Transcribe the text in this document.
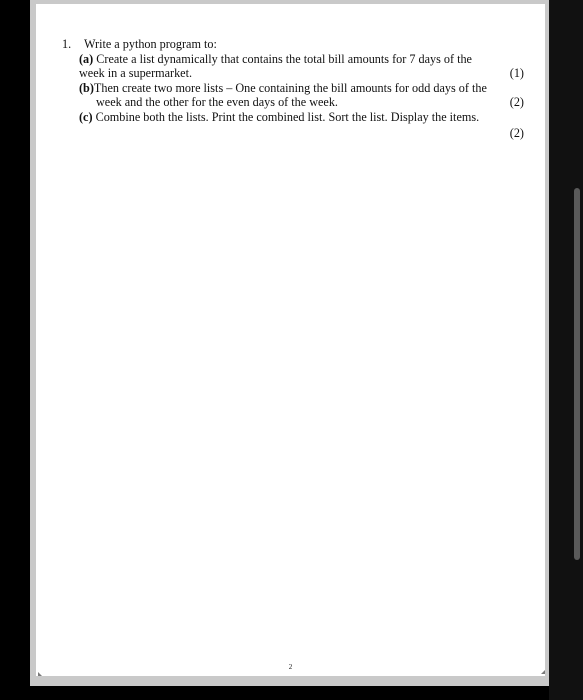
1.	Write a python program to:
(a) Create a list dynamically that contains the total bill amounts for 7 days of the
week in a supermarket.	(1)
(b)Then create two more lists – One containing the bill amounts for odd days of the
week and the other for the even days of the week.	(2)
(c) Combine both the lists. Print the combined list. Sort the list. Display the items.
(2)
2
